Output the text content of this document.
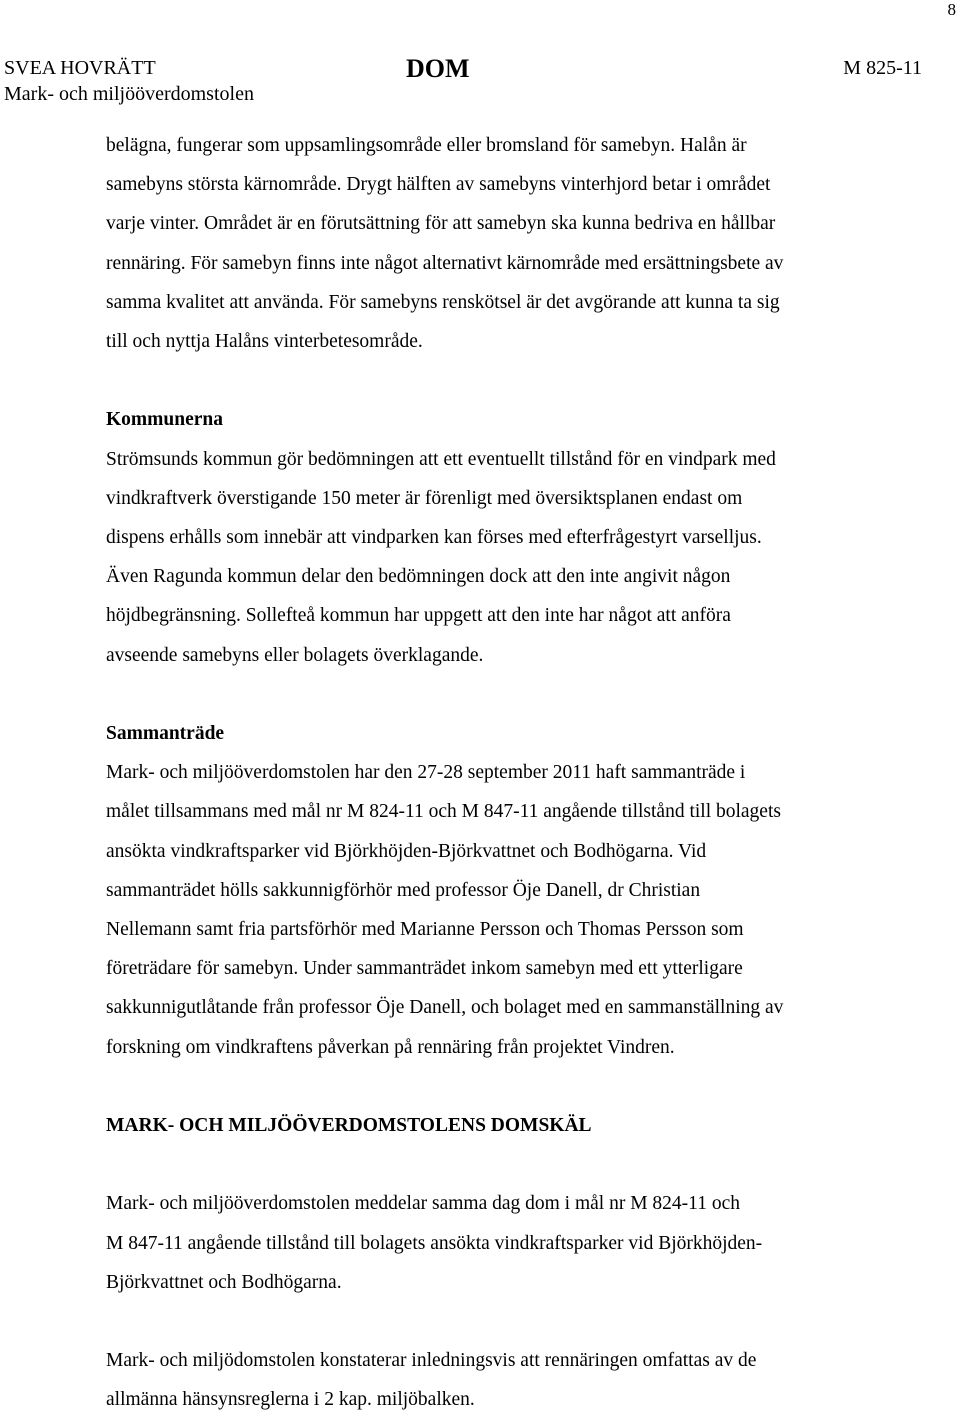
8
SVEA HOVRÄTT
Mark- och miljööverdomstolen
DOM	M 825-11

belägna, fungerar som uppsamlingsområde eller bromsland för samebyn. Halån är

samebyns största kärnområde. Drygt hälften av samebyns vinterhjord betar i området

varje vinter. Området är en förutsättning för att samebyn ska kunna bedriva en hållbar

rennäring. För samebyn finns inte något alternativt kärnområde med ersättningsbete av

samma kvalitet att använda. För samebyns renskötsel är det avgörande att kunna ta sig

till och nyttja Halåns vinterbetesområde.

Kommunerna

Strömsunds kommun gör bedömningen att ett eventuellt tillstånd för en vindpark med

vindkraftverk överstigande 150 meter är förenligt med översiktsplanen endast om

dispens erhålls som innebär att vindparken kan förses med efterfrågestyrt varselljus.

Även Ragunda kommun delar den bedömningen dock att den inte angivit någon

höjdbegränsning. Sollefteå kommun har uppgett att den inte har något att anföra

avseende samebyns eller bolagets överklagande.

Sammanträde

Mark- och miljööverdomstolen har den 27-28 september 2011 haft sammanträde i

målet tillsammans med mål nr M 824-11 och M 847-11 angående tillstånd till bolagets

ansökta vindkraftsparker vid Björkhöjden-Björkvattnet och Bodhögarna. Vid

sammanträdet hölls sakkunnigförhör med professor Öje Danell, dr Christian

Nellemann samt fria partsförhör med Marianne Persson och Thomas Persson som

företrädare för samebyn. Under sammanträdet inkom samebyn med ett ytterligare

sakkunnigutlåtande från professor Öje Danell, och bolaget med en sammanställning av

forskning om vindkraftens påverkan på rennäring från projektet Vindren.

MARK- OCH MILJÖÖVERDOMSTOLENS DOMSKÄL

Mark- och miljööverdomstolen meddelar samma dag dom i mål nr M 824-11 och

M 847-11 angående tillstånd till bolagets ansökta vindkraftsparker vid Björkhöjden-

Björkvattnet och Bodhögarna.

Mark- och miljödomstolen konstaterar inledningsvis att rennäringen omfattas av de

allmänna hänsynsreglerna i 2 kap. miljöbalken.
